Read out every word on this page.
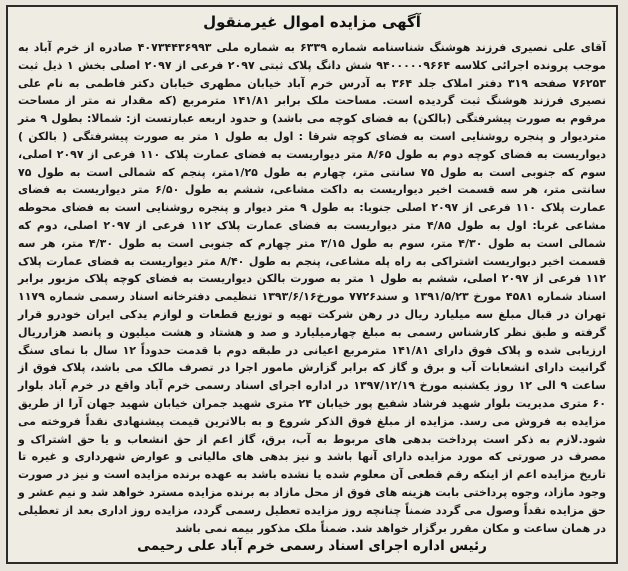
آگهی مزایده اموال غیرمنقول
آقای علی نصیری فرزند هوشنگ شناسنامه شماره ۶۳۳۹ به شماره ملی ۴۰۷۳۴۴۳۶۹۹۳ صادره از خرم آباد به موجب پرونده اجرائی کلاسه ۹۴۰۰۰۰۰۹۶۶۴ شش دانگ پلاک ثبتی ۲۰۹۷ فرعی از ۲۰۹۷ اصلی بخش ۱ ذیل ثبت ۷۶۲۵۳ صفحه ۳۱۹ دفتر املاک جلد ۳۶۴ به آدرس خرم آباد خیابان مطهری خیابان دکتر فاطمی به نام علی نصیری فرزند هوشنگ ثبت گردیده است. مساحت ملک برابر ۱۴۱/۸۱ مترمربع (که مقدار نه متر از مساحت مرقوم به صورت پیشرفتگی (بالکن) به فضای کوچه می باشد) و حدود اربعه عبارتست از: شمالا: بطول ۹ متر مترديوار و پنجره روشنایی است به فضای کوچه شرقا : اول به طول ۱ متر به صورت پیشرفتگی ( بالکن ) دیواریست به فضای کوچه دوم به طول ۸/۶۵ متر دیواریست به فضای عمارت پلاک ۱۱۰ فرعی از ۲۰۹۷ اصلی، سوم که جنوبی است به طول ۷۵ سانتی متر، چهارم به طول ۱/۲۵متر، پنجم که شمالی است به طول ۷۵ سانتی متر، هر سه قسمت اخیر دیواریست به داکت مشاعی، ششم به طول ۶/۵۰ متر دیواریست به فضای عمارت پلاک ۱۱۰ فرعی از ۲۰۹۷ اصلی جنوبا: به طول ۹ متر دیوار و پنجره روشنایی است به فضای محوطه مشاعی غربا: اول به طول ۴/۸۵ متر دیواریست به فضای عمارت پلاک ۱۱۲ فرعی از ۲۰۹۷ اصلی، دوم که شمالی است به طول ۴/۳۰ متر، سوم به طول ۳/۱۵ متر چهارم که جنوبی است به طول ۴/۳۰ متر، هر سه قسمت اخیر دیواریست اشتراکی به راه پله مشاعی، پنجم به طول ۸/۴۰ متر دیواریست به فضای عمارت پلاک ۱۱۲ فرعی از ۲۰۹۷ اصلی، ششم به طول ۱ متر به صورت بالکن دیواریست به فضای کوچه پلاک مزبور برابر اسناد شماره ۴۵۸۱ مورخ ۱۳۹۱/۵/۲۳ و سند۷۷۲۶ مورخ۱۳۹۳/۶/۱۶ تنظیمی دفترخانه اسناد رسمی شماره ۱۱۷۹ تهران در قبال مبلغ سه میلیارد ریال در رهن شرکت تهیه و توزیع قطعات و لوازم یدکی ایران خودرو قرار گرفته و طبق نظر کارشناس رسمی به مبلغ چهارمیلیارد و صد و هشتاد و هشت میلیون و پانصد هزارریال ارزیابی شده و پلاک فوق دارای ۱۴۱/۸۱ مترمربع اعیانی در طبقه دوم با قدمت حدوداً ۱۲ سال با نمای سنگ گرانیت دارای انشعابات آب و برق و گاز که برابر گزارش مامور اجرا در تصرف مالک می باشد، پلاک فوق از ساعت ۹ الی ۱۲ روز یکشنبه مورخ ۱۳۹۷/۱۲/۱۹ در اداره اجرای اسناد رسمی خرم آباد واقع در خرم آباد بلوار ۶۰ متری مدیریت بلوار شهید فرشاد شفیع پور خیابان ۲۴ متری شهید جمران خیابان شهید جهان آرا از طریق مزایده به فروش می رسد. مزایده از مبلغ فوق الذکر شروع و به بالاترین قیمت پیشنهادی نقداً فروخته می شود.لازم به ذکر است پرداخت بدهی های مربوط به آب، برق، گاز اعم از حق انشعاب و یا حق اشتراک و مصرف در صورتی که مورد مزایده دارای آنها باشد و نیز بدهی های مالیاتی و عوارض شهرداری و غیره تا تاریخ مزایده اعم از اینکه رقم قطعی آن معلوم شده یا نشده باشد به عهده برنده مزایده است و نیز در صورت وجود مازاد، وجوه پرداختی بابت هزینه های فوق از محل مازاد به برنده مزایده مسترد خواهد شد و نیم عشر و حق مزایده نقداً وصول می گردد ضمناً چنانچه روز مزایده تعطیل رسمی گردد، مزایده روز اداری بعد از تعطیلی در همان ساعت و مکان مقرر برگزار خواهد شد. ضمناً ملک مذکور بیمه نمی باشد
رئیس اداره اجرای اسناد رسمی خرم آباد علی رحیمی
